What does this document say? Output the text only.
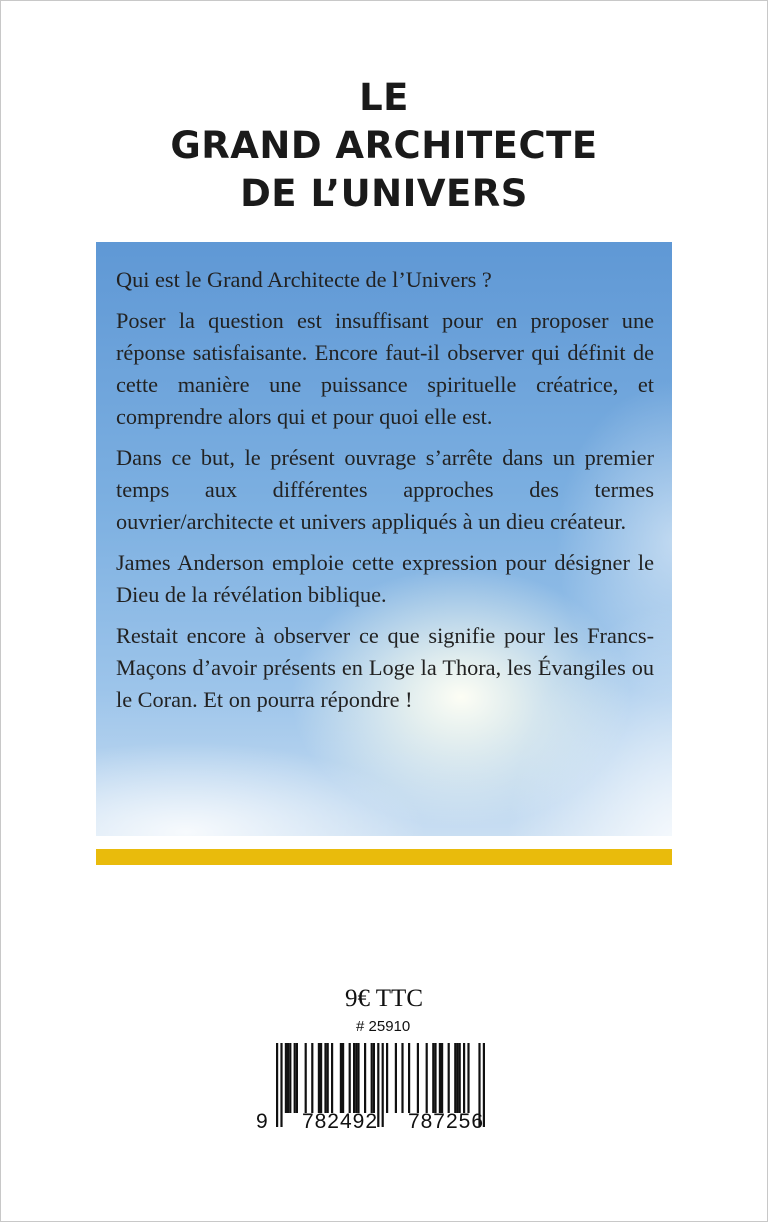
LE
GRAND ARCHITECTE
DE L’UNIVERS

Qui est le Grand Architecte de l’Univers ?

Poser la question est insuffisant pour en proposer une réponse satisfaisante. Encore faut-il observer qui définit de cette manière une puissance spirituelle créatrice, et comprendre alors qui et pour quoi elle est.

Dans ce but, le présent ouvrage s’arrête dans un premier temps aux différentes approches des termes ouvrier/architecte et univers appliqués à un dieu créateur.

James Anderson emploie cette expression pour désigner le Dieu de la révélation biblique.

Restait encore à observer ce que signifie pour les Francs-Maçons d’avoir présents en Loge la Thora, les Évangiles ou le Coran. Et on pourra répondre !

9€ TTC
# 25910
9	782492	787256
